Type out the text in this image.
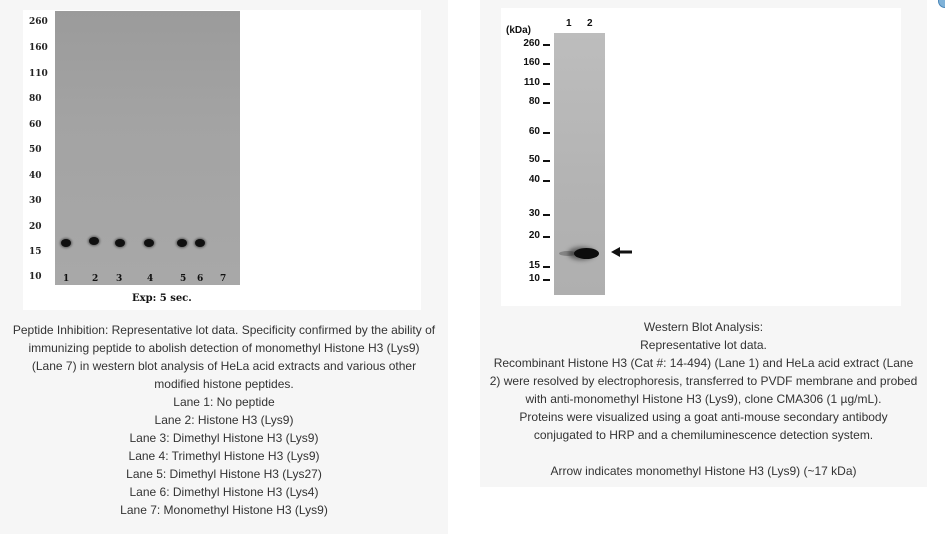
260
160
110
80
60
50
40
30
20
15
10	1	2 3	4	5 6 7
Exp: 5 sec.
Peptide Inhibition: Representative lot data. Specificity confirmed by the ability of
immunizing peptide to abolish detection of monomethyl Histone H3 (Lys9)
(Lane 7) in western blot analysis of HeLa acid extracts and various other
modified histone peptides.
Lane 1: No peptide
Lane 2: Histone H3 (Lys9)
Lane 3: Dimethyl Histone H3 (Lys9)
Lane 4: Trimethyl Histone H3 (Lys9)
Lane 5: Dimethyl Histone H3 (Lys27)
Lane 6: Dimethyl Histone H3 (Lys4)
Lane 7: Monomethyl Histone H3 (Lys9)
(kDa)
1 2
260
160
110
80
60
50
40
30
20
15
10
Western Blot Analysis:
Representative lot data.
Recombinant Histone H3 (Cat #: 14-494) (Lane 1) and HeLa acid extract (Lane
2) were resolved by electrophoresis, transferred to PVDF membrane and probed
with anti-monomethyl Histone H3 (Lys9), clone CMA306 (1 µg/mL).
Proteins were visualized using a goat anti-mouse secondary antibody
conjugated to HRP and a chemiluminescence detection system.
Arrow indicates monomethyl Histone H3 (Lys9) (~17 kDa)
